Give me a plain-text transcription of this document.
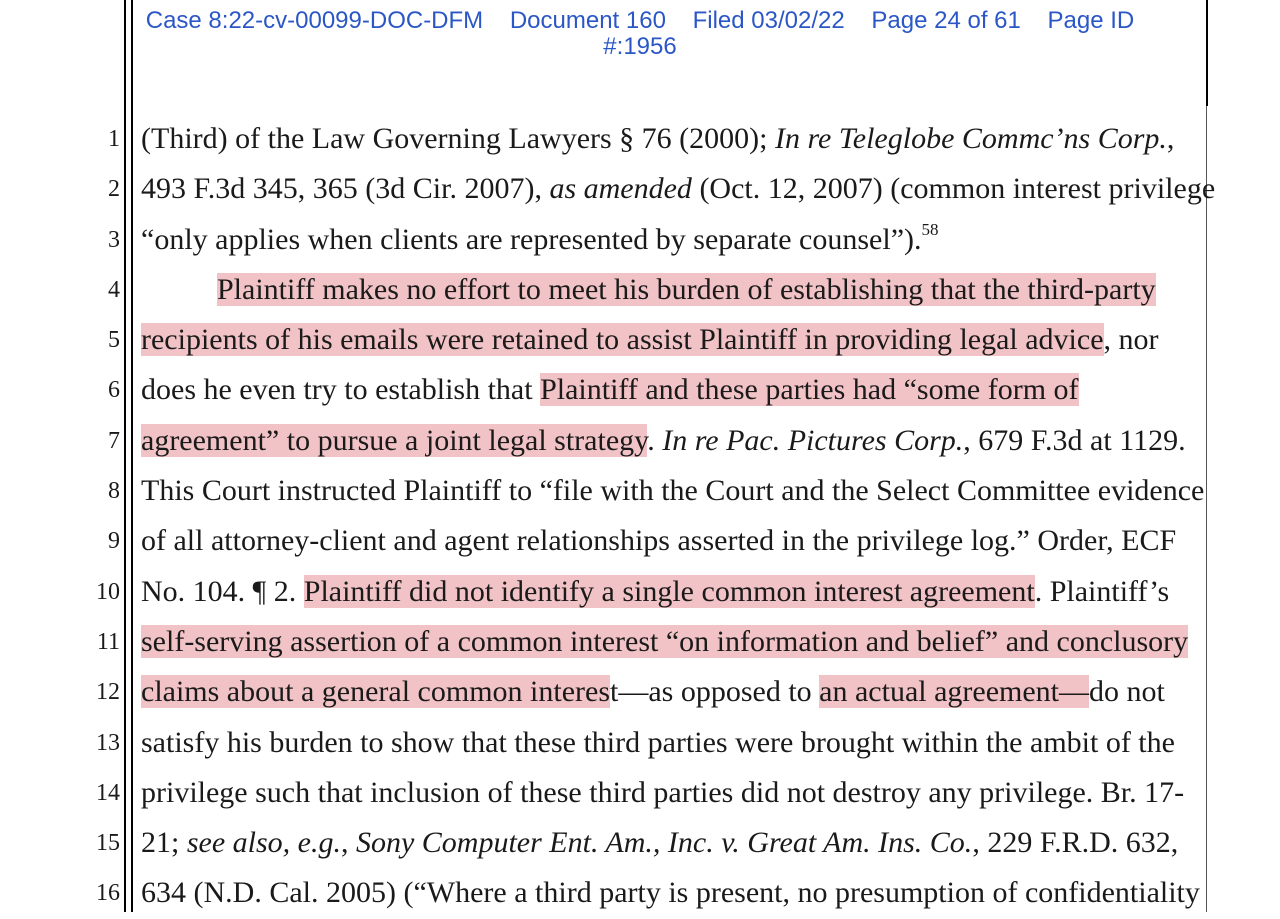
Case 8:22-cv-00099-DOC-DFM Document 160 Filed 03/02/22 Page 24 of 61 Page ID
#:1956
1 (Third) of the Law Governing Lawyers § 76 (2000); In re Teleglobe Commc’ns Corp.,
2 493 F.3d 345, 365 (3d Cir. 2007), as amended (Oct. 12, 2007) (common interest privilege
3 “only applies when clients are represented by separate counsel”).$^{58}$
4	Plaintiff makes no effort to meet his burden of establishing that the third-party
5 recipients of his emails were retained to assist Plaintiff in providing legal advice, nor
6 does he even try to establish that Plaintiff and these parties had “some form of
7 agreement” to pursue a joint legal strategy. In re Pac. Pictures Corp., 679 F.3d at 1129.
8 This Court instructed Plaintiff to “file with the Court and the Select Committee evidence
9 of all attorney-client and agent relationships asserted in the privilege log.” Order, ECF
10 No. 104. ¶ 2. Plaintiff did not identify a single common interest agreement. Plaintiff’s
11 self-serving assertion of a common interest “on information and belief” and conclusory
12 claims about a general common interest—as opposed to an actual agreement—do not
13 satisfy his burden to show that these third parties were brought within the ambit of the
14 privilege such that inclusion of these third parties did not destroy any privilege. Br. 17-
15 21; see also, e.g., Sony Computer Ent. Am., Inc. v. Great Am. Ins. Co., 229 F.R.D. 632,
16 634 (N.D. Cal. 2005) (“Where a third party is present, no presumption of confidentiality
